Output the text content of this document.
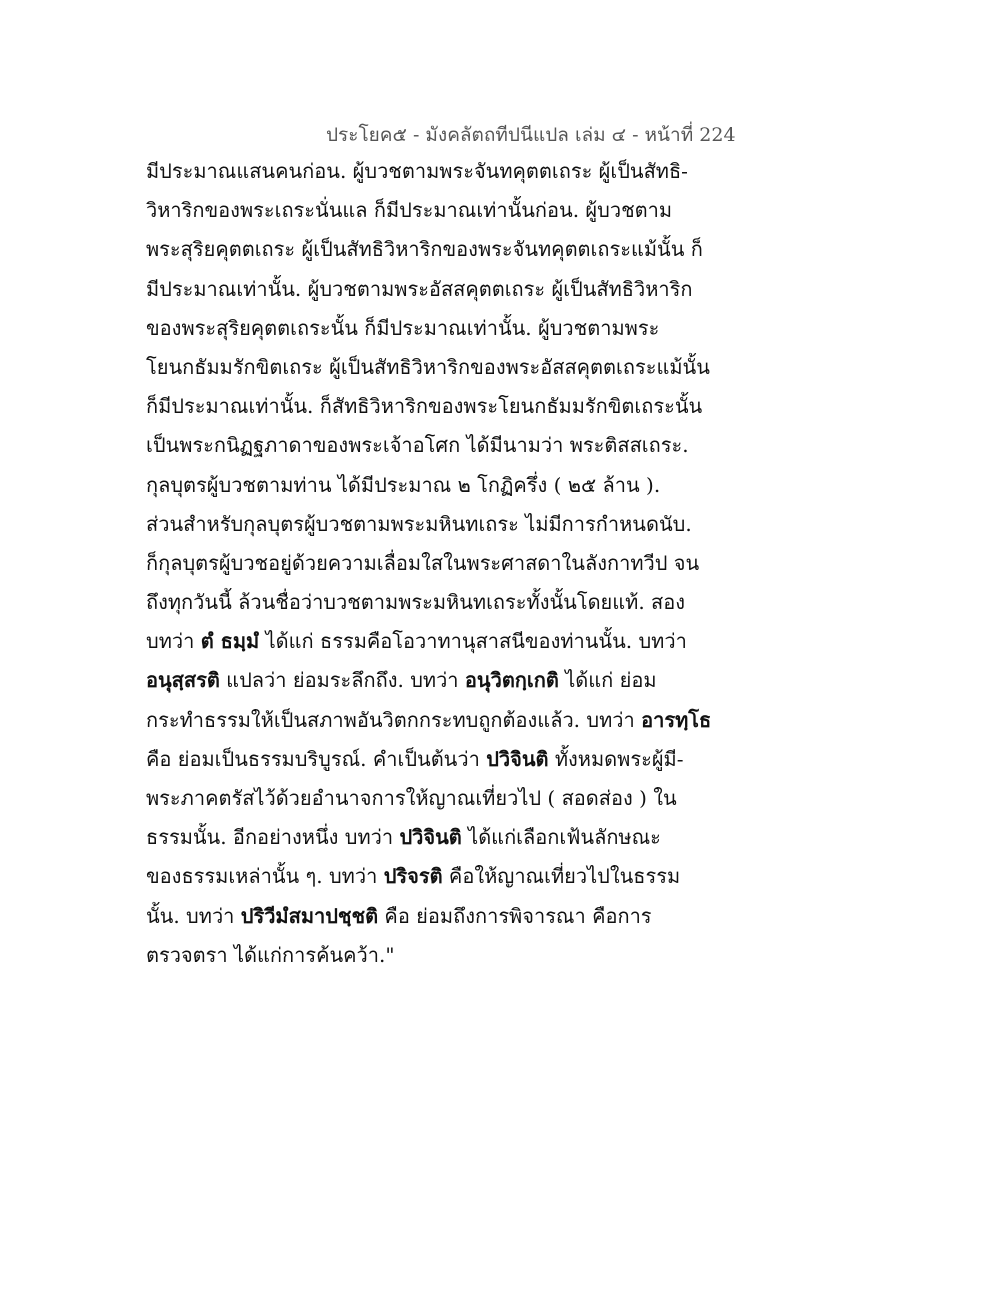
ประโยค๕ - มังคลัตถทีปนีแปล เล่ม ๔ - หน้าที่ 224
มีประมาณแสนคนก่อน. ผู้บวชตามพระจันทคุตตเถระ ผู้เป็นสัทธิ-
วิหาริกของพระเถระนั่นแล ก็มีประมาณเท่านั้นก่อน. ผู้บวชตาม
พระสุริยคุตตเถระ ผู้เป็นสัทธิวิหาริกของพระจันทคุตตเถระแม้นั้น ก็
มีประมาณเท่านั้น. ผู้บวชตามพระอัสสคุตตเถระ ผู้เป็นสัทธิวิหาริก
ของพระสุริยคุตตเถระนั้น ก็มีประมาณเท่านั้น. ผู้บวชตามพระ
โยนกธัมมรักขิตเถระ ผู้เป็นสัทธิวิหาริกของพระอัสสคุตตเถระแม้นั้น
ก็มีประมาณเท่านั้น. ก็สัทธิวิหาริกของพระโยนกธัมมรักขิตเถระนั้น
เป็นพระกนิฏฐภาดาของพระเจ้าอโศก ได้มีนามว่า พระติสสเถระ.
กุลบุตรผู้บวชตามท่าน ได้มีประมาณ ๒ โกฏิครึ่ง ( ๒๕ ล้าน ).
ส่วนสำหรับกุลบุตรผู้บวชตามพระมหินทเถระ ไม่มีการกำหนดนับ.
ก็กุลบุตรผู้บวชอยู่ด้วยความเลื่อมใสในพระศาสดาในลังกาทวีป จน
ถึงทุกวันนี้ ล้วนชื่อว่าบวชตามพระมหินทเถระทั้งนั้นโดยแท้. สอง
บทว่า ตํ ธมฺมํ ได้แก่ ธรรมคือโอวาทานุสาสนีของท่านนั้น. บทว่า
อนุสฺสรติ แปลว่า ย่อมระลึกถึง. บทว่า อนุวิตกฺเกติ ได้แก่ ย่อม
กระทำธรรมให้เป็นสภาพอันวิตกกระทบถูกต้องแล้ว. บทว่า อารทฺโธ
คือ ย่อมเป็นธรรมบริบูรณ์. คำเป็นต้นว่า ปวิจินติ ทั้งหมดพระผู้มี-
พระภาคตรัสไว้ด้วยอำนาจการให้ญาณเที่ยวไป ( สอดส่อง ) ใน
ธรรมนั้น. อีกอย่างหนึ่ง บทว่า ปวิจินติ ได้แก่เลือกเฟ้นลักษณะ
ของธรรมเหล่านั้น ๆ. บทว่า ปริจรติ คือให้ญาณเที่ยวไปในธรรม
นั้น. บทว่า ปริวีมํสมาปชฺชติ คือ ย่อมถึงการพิจารณา คือการ
ตรวจตรา ได้แก่การค้นคว้า."
